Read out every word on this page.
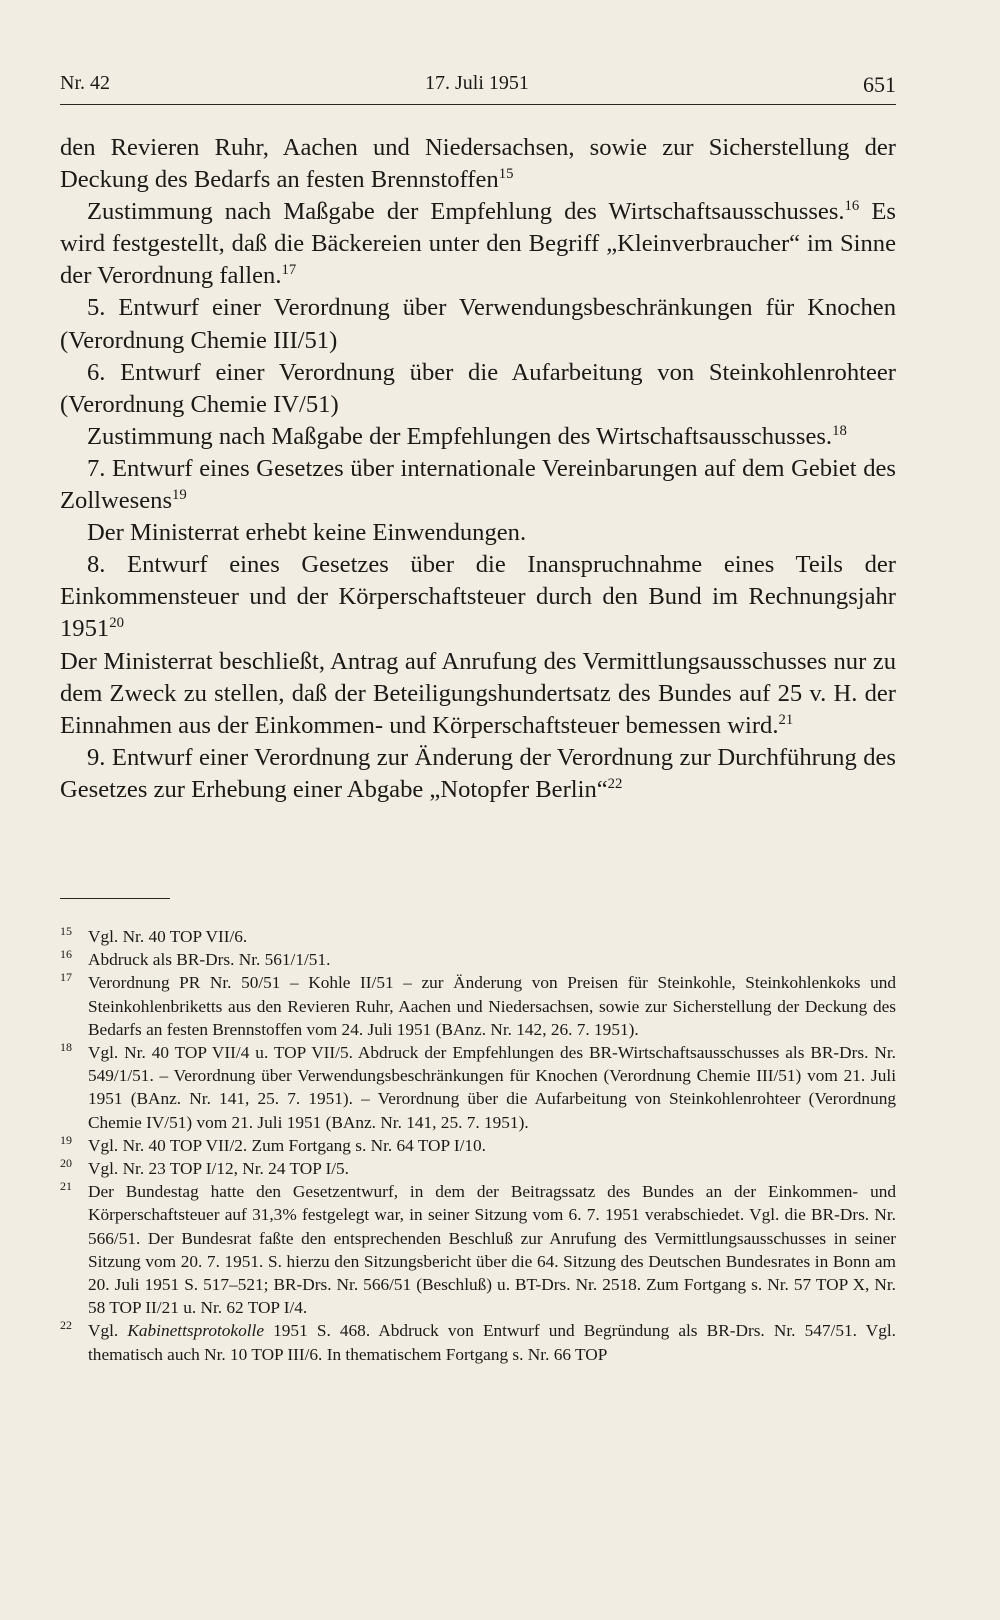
Nr. 42	17. Juli 1951	651

den Revieren Ruhr, Aachen und Niedersachsen, sowie zur Sicherstellung der Deckung des Bedarfs an festen Brennstoffen$^{15}$

Zustimmung nach Maßgabe der Empfehlung des Wirtschaftsausschusses.$^{16}$ Es wird festgestellt, daß die Bäckereien unter den Begriff „Kleinverbraucher“ im Sinne der Verordnung fallen.$^{17}$

5. Entwurf einer Verordnung über Verwendungsbeschränkungen für Knochen (Verordnung Chemie III/51)

6. Entwurf einer Verordnung über die Aufarbeitung von Steinkohlenrohteer (Verordnung Chemie IV/51)

Zustimmung nach Maßgabe der Empfehlungen des Wirtschaftsausschusses.$^{18}$

7. Entwurf eines Gesetzes über internationale Vereinbarungen auf dem Gebiet des Zollwesens$^{19}$

Der Ministerrat erhebt keine Einwendungen.

8. Entwurf eines Gesetzes über die Inanspruchnahme eines Teils der Einkommensteuer und der Körperschaftsteuer durch den Bund im Rechnungsjahr 1951$^{20}$

Der Ministerrat beschließt, Antrag auf Anrufung des Vermittlungsausschusses nur zu dem Zweck zu stellen, daß der Beteiligungshundertsatz des Bundes auf 25 v. H. der Einnahmen aus der Einkommen- und Körperschaftsteuer bemessen wird.$^{21}$

9. Entwurf einer Verordnung zur Änderung der Verordnung zur Durchführung des Gesetzes zur Erhebung einer Abgabe „Notopfer Berlin“$^{22}$

15 Vgl. Nr. 40 TOP VII/6.

16 Abdruck als BR-Drs. Nr. 561/1/51.

17 Verordnung PR Nr. 50/51 – Kohle II/51 – zur Änderung von Preisen für Steinkohle, Steinkohlenkoks und Steinkohlenbriketts aus den Revieren Ruhr, Aachen und Niedersachsen, sowie zur Sicherstellung der Deckung des Bedarfs an festen Brennstoffen vom 24. Juli 1951 (BAnz. Nr. 142, 26. 7. 1951).

18 Vgl. Nr. 40 TOP VII/4 u. TOP VII/5. Abdruck der Empfehlungen des BR-Wirtschaftsausschusses als BR-Drs. Nr. 549/1/51. – Verordnung über Verwendungsbeschränkungen für Knochen (Verordnung Chemie III/51) vom 21. Juli 1951 (BAnz. Nr. 141, 25. 7. 1951). – Verordnung über die Aufarbeitung von Steinkohlenrohteer (Verordnung Chemie IV/51) vom 21. Juli 1951 (BAnz. Nr. 141, 25. 7. 1951).

19 Vgl. Nr. 40 TOP VII/2. Zum Fortgang s. Nr. 64 TOP I/10.

20 Vgl. Nr. 23 TOP I/12, Nr. 24 TOP I/5.

21 Der Bundestag hatte den Gesetzentwurf, in dem der Beitragssatz des Bundes an der Einkommen- und Körperschaftsteuer auf 31,3% festgelegt war, in seiner Sitzung vom 6. 7. 1951 verabschiedet. Vgl. die BR-Drs. Nr. 566/51. Der Bundesrat faßte den entsprechenden Beschluß zur Anrufung des Vermittlungsausschusses in seiner Sitzung vom 20. 7. 1951. S. hierzu den Sitzungsbericht über die 64. Sitzung des Deutschen Bundesrates in Bonn am 20. Juli 1951 S. 517–521; BR-Drs. Nr. 566/51 (Beschluß) u. BT-Drs. Nr. 2518. Zum Fortgang s. Nr. 57 TOP X, Nr. 58 TOP II/21 u. Nr. 62 TOP I/4.

22 Vgl. Kabinettsprotokolle 1951 S. 468. Abdruck von Entwurf und Begründung als BR-Drs. Nr. 547/51. Vgl. thematisch auch Nr. 10 TOP III/6. In thematischem Fortgang s. Nr. 66 TOP
